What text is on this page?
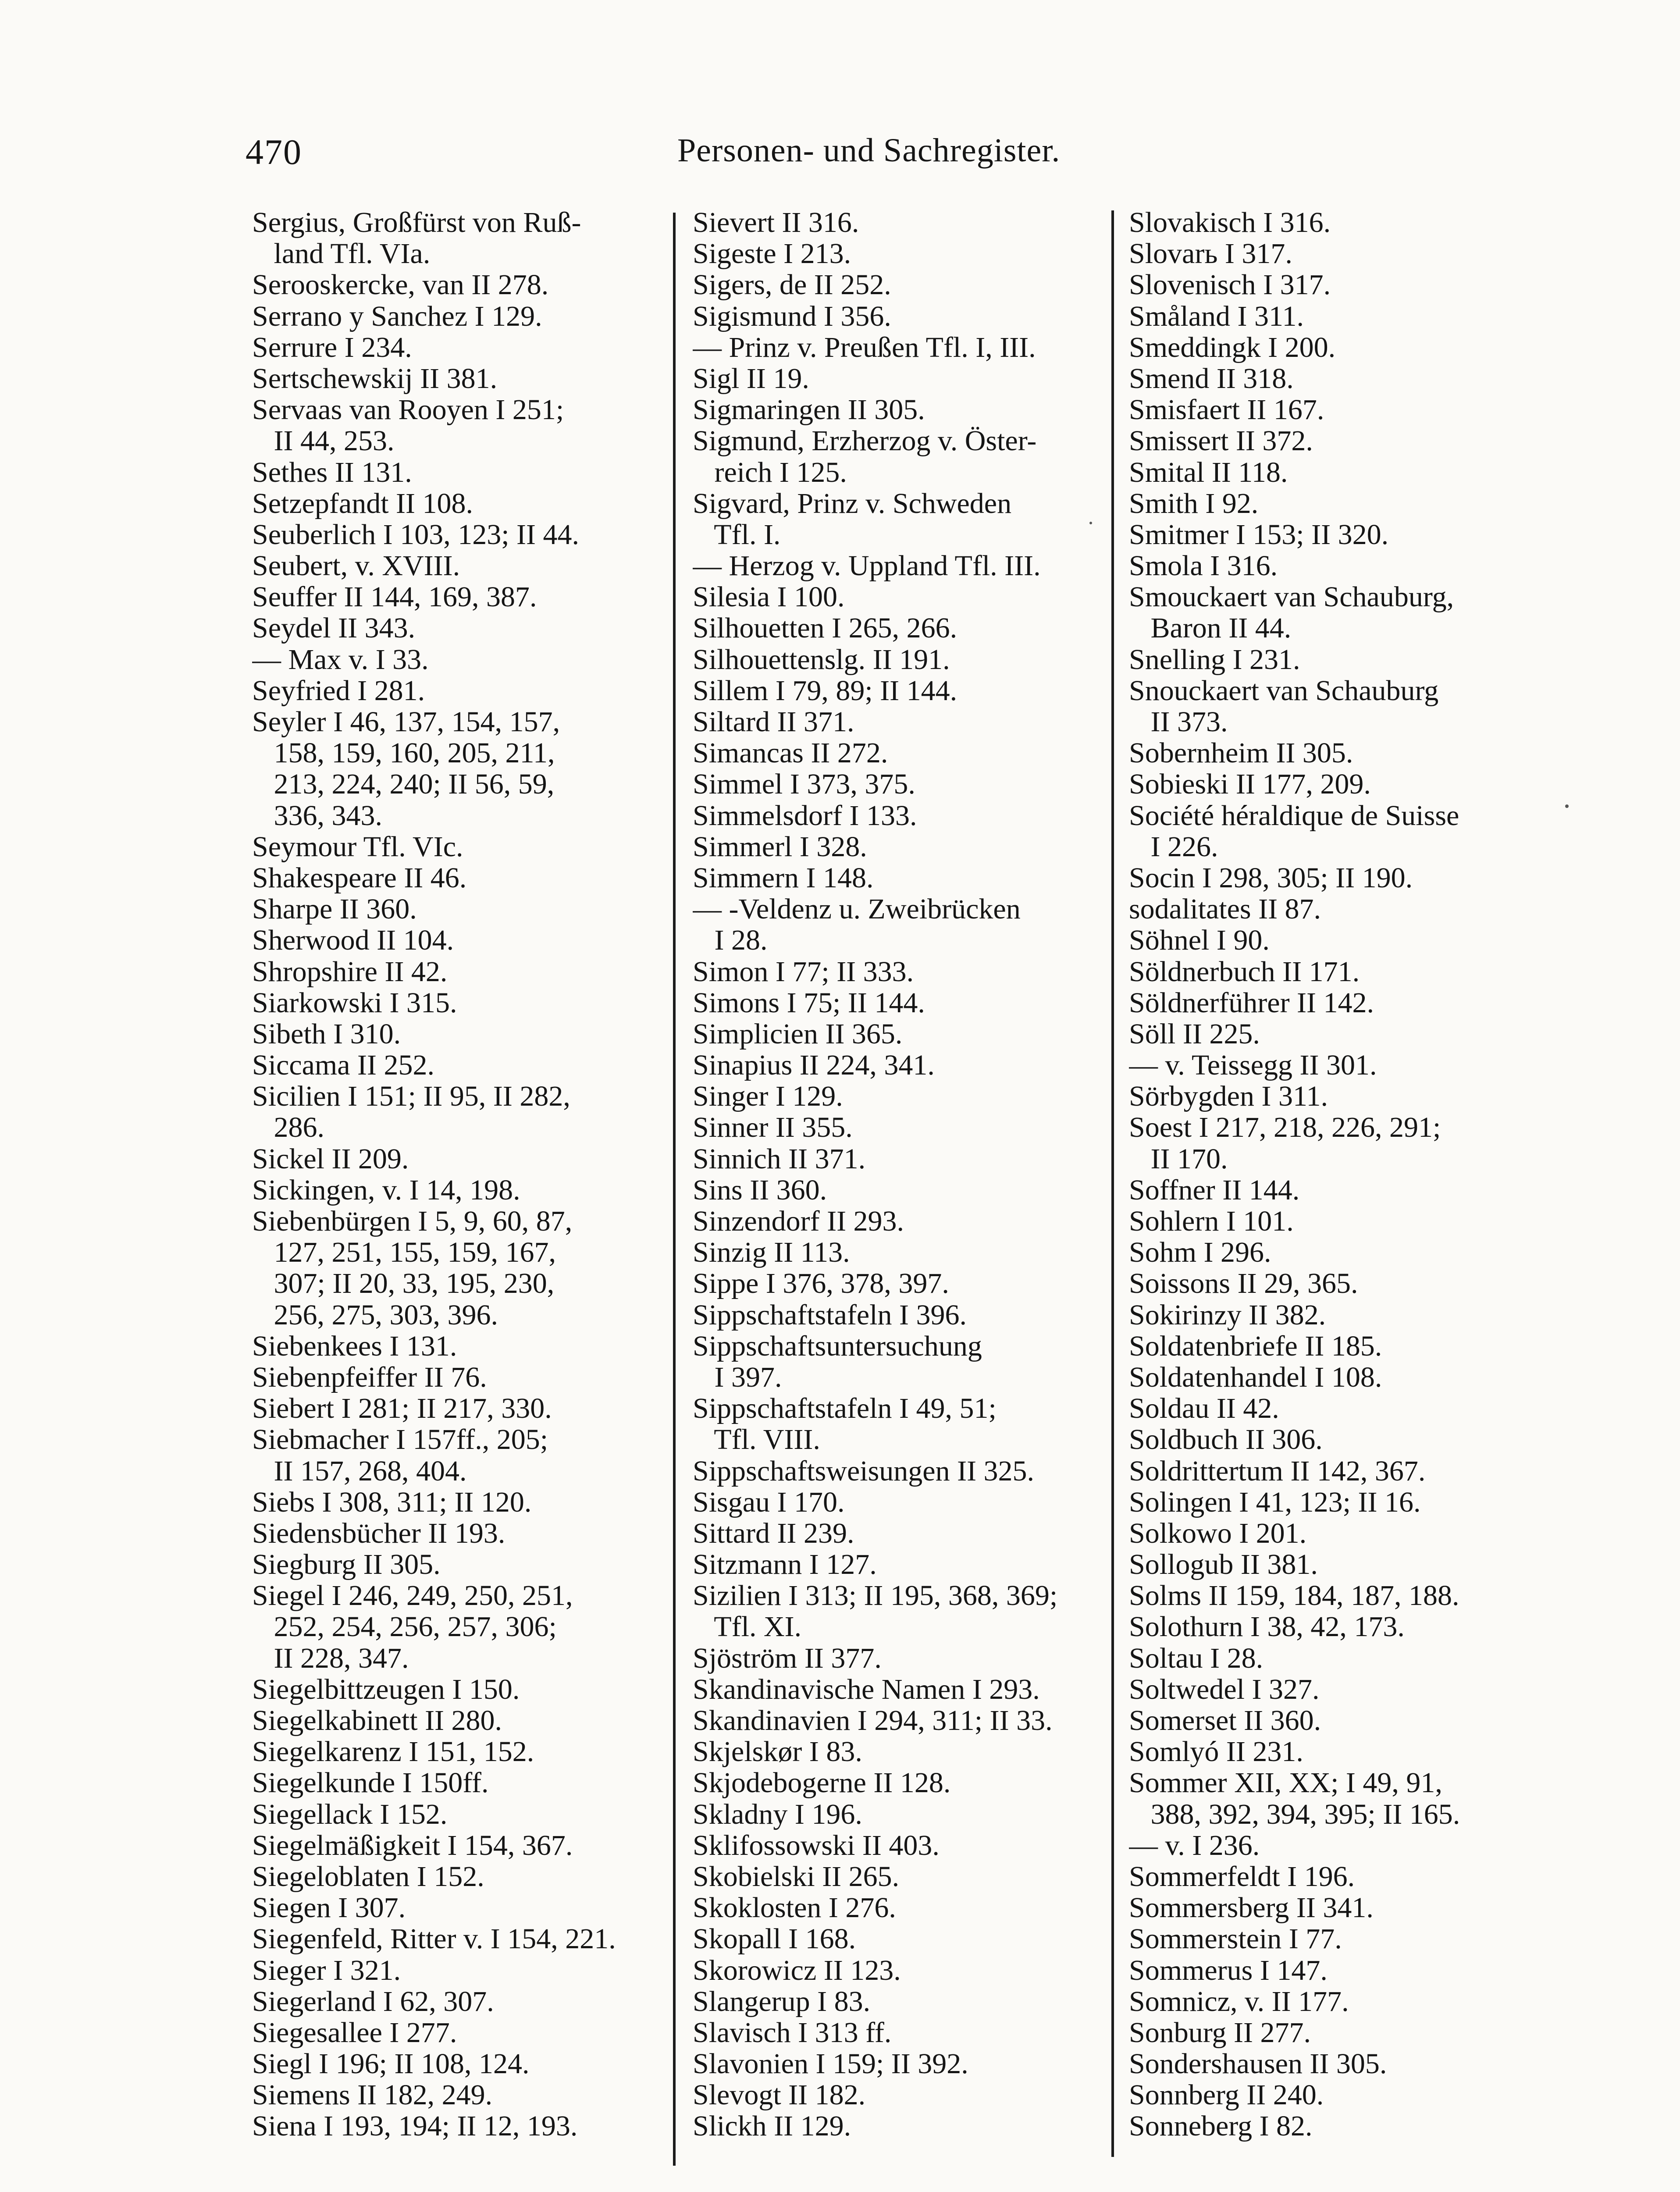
470	Personen- und Sachregister.
Sergius, Großfürst von Ruß-
land Tfl. VIa.
Serooskercke, van II 278.
Serrano y Sanchez I 129.
Serrure I 234.
Sertschewskij II 381.
Servaas van Rooyen I 251;
II 44, 253.
Sethes II 131.
Setzepfandt II 108.
Seuberlich I 103, 123; II 44.
Seubert, v. XVIII.
Seuffer II 144, 169, 387.
Seydel II 343.
— Max v. I 33.
Seyfried I 281.
Seyler I 46, 137, 154, 157,
158, 159, 160, 205, 211,
213, 224, 240; II 56, 59,
336, 343.
Seymour Tfl. VIc.
Shakespeare II 46.
Sharpe II 360.
Sherwood II 104.
Shropshire II 42.
Siarkowski I 315.
Sibeth I 310.
Siccama II 252.
Sicilien I 151; II 95, II 282,
286.
Sickel II 209.
Sickingen, v. I 14, 198.
Siebenbürgen I 5, 9, 60, 87,
127, 251, 155, 159, 167,
307; II 20, 33, 195, 230,
256, 275, 303, 396.
Siebenkees I 131.
Siebenpfeiffer II 76.
Siebert I 281; II 217, 330.
Siebmacher I 157ff., 205;
II 157, 268, 404.
Siebs I 308, 311; II 120.
Siedensbücher II 193.
Siegburg II 305.
Siegel I 246, 249, 250, 251,
252, 254, 256, 257, 306;
II 228, 347.
Siegelbittzeugen I 150.
Siegelkabinett II 280.
Siegelkarenz I 151, 152.
Siegelkunde I 150ff.
Siegellack I 152.
Siegelmäßigkeit I 154, 367.
Siegeloblaten I 152.
Siegen I 307.
Siegenfeld, Ritter v. I 154, 221.
Sieger I 321.
Siegerland I 62, 307.
Siegesallee I 277.
Siegl I 196; II 108, 124.
Siemens II 182, 249.
Siena I 193, 194; II 12, 193.
Sievert II 316.
Sigeste I 213.
Sigers, de II 252.
Sigismund I 356.
— Prinz v. Preußen Tfl. I, III.
Sigl II 19.
Sigmaringen II 305.
Sigmund, Erzherzog v. Öster-
reich I 125.
Sigvard, Prinz v. Schweden
Tfl. I.
— Herzog v. Uppland Tfl. III.
Silesia I 100.
Silhouetten I 265, 266.
Silhouettenslg. II 191.
Sillem I 79, 89; II 144.
Siltard II 371.
Simancas II 272.
Simmel I 373, 375.
Simmelsdorf I 133.
Simmerl I 328.
Simmern I 148.
— -Veldenz u. Zweibrücken
I 28.
Simon I 77; II 333.
Simons I 75; II 144.
Simplicien II 365.
Sinapius II 224, 341.
Singer I 129.
Sinner II 355.
Sinnich II 371.
Sins II 360.
Sinzendorf II 293.
Sinzig II 113.
Sippe I 376, 378, 397.
Sippschaftstafeln I 396.
Sippschaftsuntersuchung
I 397.
Sippschaftstafeln I 49, 51;
Tfl. VIII.
Sippschaftsweisungen II 325.
Sisgau I 170.
Sittard II 239.
Sitzmann I 127.
Sizilien I 313; II 195, 368, 369;
Tfl. XI.
Sjöström II 377.
Skandinavische Namen I 293.
Skandinavien I 294, 311; II 33.
Skjelskør I 83.
Skjodebogerne II 128.
Skladny I 196.
Sklifossowski II 403.
Skobielski II 265.
Skoklosten I 276.
Skopall I 168.
Skorowicz II 123.
Slangerup I 83.
Slavisch I 313 ff.
Slavonien I 159; II 392.
Slevogt II 182.
Slickh II 129.
Slovakisch I 316.
Slovarь I 317.
Slovenisch I 317.
Småland I 311.
Smeddingk I 200.
Smend II 318.
Smisfaert II 167.
Smissert II 372.
Smital II 118.
Smith I 92.
Smitmer I 153; II 320.
Smola I 316.
Smouckaert van Schauburg,
Baron II 44.
Snelling I 231.
Snouckaert van Schauburg
II 373.
Sobernheim II 305.
Sobieski II 177, 209.
Société héraldique de Suisse
I 226.
Socin I 298, 305; II 190.
sodalitates II 87.
Söhnel I 90.
Söldnerbuch II 171.
Söldnerführer II 142.
Söll II 225.
— v. Teissegg II 301.
Sörbygden I 311.
Soest I 217, 218, 226, 291;
II 170.
Soffner II 144.
Sohlern I 101.
Sohm I 296.
Soissons II 29, 365.
Sokirinzy II 382.
Soldatenbriefe II 185.
Soldatenhandel I 108.
Soldau II 42.
Soldbuch II 306.
Soldrittertum II 142, 367.
Solingen I 41, 123; II 16.
Solkowo I 201.
Sollogub II 381.
Solms II 159, 184, 187, 188.
Solothurn I 38, 42, 173.
Soltau I 28.
Soltwedel I 327.
Somerset II 360.
Somlyó II 231.
Sommer XII, XX; I 49, 91,
388, 392, 394, 395; II 165.
— v. I 236.
Sommerfeldt I 196.
Sommersberg II 341.
Sommerstein I 77.
Sommerus I 147.
Somnicz, v. II 177.
Sonburg II 277.
Sondershausen II 305.
Sonnberg II 240.
Sonneberg I 82.
